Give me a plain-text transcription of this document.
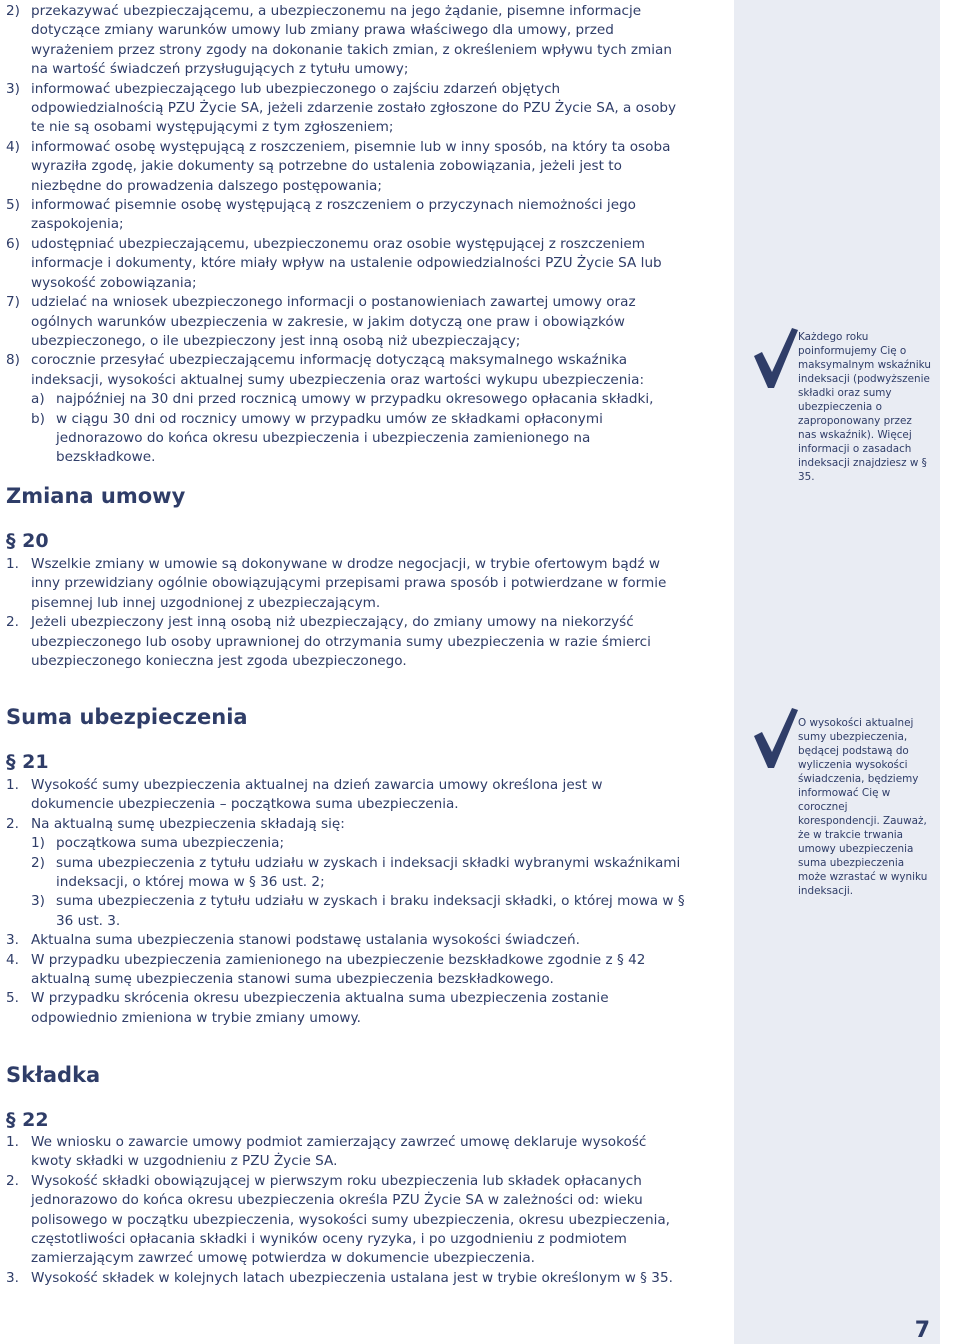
2) przekazywać ubezpieczającemu, a ubezpieczonemu na jego żądanie, pisemne informacje dotyczące zmiany warunków umowy lub zmiany prawa właściwego dla umowy, przed wyrażeniem przez strony zgody na dokonanie takich zmian, z określeniem wpływu tych zmian na wartość świadczeń przysługujących z tytułu umowy;
3) informować ubezpieczającego lub ubezpieczonego o zajściu zdarzeń objętych odpowiedzialnością PZU Życie SA, jeżeli zdarzenie zostało zgłoszone do PZU Życie SA, a osoby te nie są osobami występującymi z tym zgłoszeniem;
4) informować osobę występującą z roszczeniem, pisemnie lub w inny sposób, na który ta osoba wyraziła zgodę, jakie dokumenty są potrzebne do ustalenia zobowiązania, jeżeli jest to niezbędne do prowadzenia dalszego postępowania;
5) informować pisemnie osobę występującą z roszczeniem o przyczynach niemożności jego zaspokojenia;
6) udostępniać ubezpieczającemu, ubezpieczonemu oraz osobie występującej z roszczeniem informacje i dokumenty, które miały wpływ na ustalenie odpowiedzialności PZU Życie SA lub wysokość zobowiązania;
7) udzielać na wniosek ubezpieczonego informacji o postanowieniach zawartej umowy oraz ogólnych warunków ubezpieczenia w zakresie, w jakim dotyczą one praw i obowiązków ubezpieczonego, o ile ubezpieczony jest inną osobą niż ubezpieczający;
8) corocznie przesyłać ubezpieczającemu informację dotyczącą maksymalnego wskaźnika indeksacji, wysokości aktualnej sumy ubezpieczenia oraz wartości wykupu ubezpieczenia:
a) najpóźniej na 30 dni przed rocznicą umowy w przypadku okresowego opłacania składki,
b) w ciągu 30 dni od rocznicy umowy w przypadku umów ze składkami opłaconymi jednorazowo do końca okresu ubezpieczenia i ubezpieczenia zamienionego na bezskładkowe.
Zmiana umowy
§ 20
1. Wszelkie zmiany w umowie są dokonywane w drodze negocjacji, w trybie ofertowym bądź w inny przewidziany ogólnie obowiązującymi przepisami prawa sposób i potwierdzane w formie pisemnej lub innej uzgodnionej z ubezpieczającym.
2. Jeżeli ubezpieczony jest inną osobą niż ubezpieczający, do zmiany umowy na niekorzyść ubezpieczonego lub osoby uprawnionej do otrzymania sumy ubezpieczenia w razie śmierci ubezpieczonego konieczna jest zgoda ubezpieczonego.
Suma ubezpieczenia
§ 21
1. Wysokość sumy ubezpieczenia aktualnej na dzień zawarcia umowy określona jest w dokumencie ubezpieczenia – początkowa suma ubezpieczenia.
2. Na aktualną sumę ubezpieczenia składają się:
1) początkowa suma ubezpieczenia;
2) suma ubezpieczenia z tytułu udziału w zyskach i indeksacji składki wybranymi wskaźnikami indeksacji, o której mowa w § 36 ust. 2;
3) suma ubezpieczenia z tytułu udziału w zyskach i braku indeksacji składki, o której mowa w § 36 ust. 3.
3. Aktualna suma ubezpieczenia stanowi podstawę ustalania wysokości świadczeń.
4. W przypadku ubezpieczenia zamienionego na ubezpieczenie bezskładkowe zgodnie z § 42 aktualną sumę ubezpieczenia stanowi suma ubezpieczenia bezskładkowego.
5. W przypadku skrócenia okresu ubezpieczenia aktualna suma ubezpieczenia zostanie odpowiednio zmieniona w trybie zmiany umowy.
Składka
§ 22
1. We wniosku o zawarcie umowy podmiot zamierzający zawrzeć umowę deklaruje wysokość kwoty składki w uzgodnieniu z PZU Życie SA.
2. Wysokość składki obowiązującej w pierwszym roku ubezpieczenia lub składek opłacanych jednorazowo do końca okresu ubezpieczenia określa PZU Życie SA w zależności od: wieku polisowego w początku ubezpieczenia, wysokości sumy ubezpieczenia, okresu ubezpieczenia, częstotliwości opłacania składki i wyników oceny ryzyka, i po uzgodnieniu z podmiotem zamierzającym zawrzeć umowę potwierdza w dokumencie ubezpieczenia.
3. Wysokość składek w kolejnych latach ubezpieczenia ustalana jest w trybie określonym w § 35.
Każdego roku poinformujemy Cię o maksymalnym wskaźniku indeksacji (podwyższenie składki oraz sumy ubezpieczenia o zaproponowany przez nas wskaźnik). Więcej informacji o zasadach indeksacji znajdziesz w § 35.
O wysokości aktualnej sumy ubezpieczenia, będącej podstawą do wyliczenia wysokości świadczenia, będziemy informować Cię w corocznej korespondencji. Zauważ, że w trakcie trwania umowy ubezpieczenia suma ubezpieczenia może wzrastać w wyniku indeksacji.
7
